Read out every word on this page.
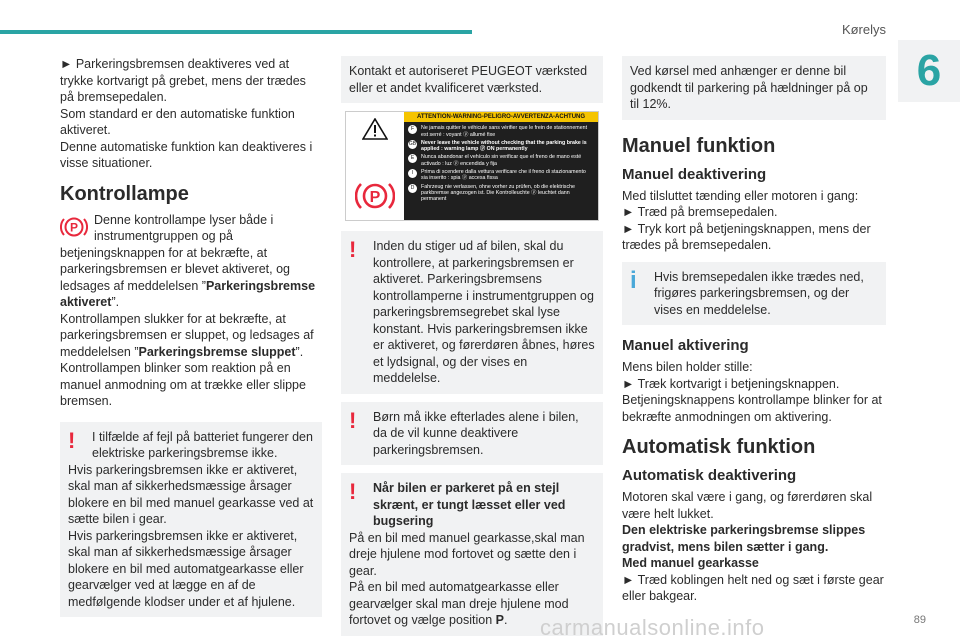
Kørelys
6

► Parkeringsbremsen deaktiveres ved at trykke kortvarigt på grebet, mens der trædes på bremsepedalen.

Som standard er den automatiske funktion aktiveret.

Denne automatiske funktion kan deaktiveres i visse situationer.

Kontrollampe

P
Denne kontrollampe lyser både i instrumentgruppen og på betjeningsknappen for at bekræfte, at parkeringsbremsen er blevet aktiveret, og ledsages af meddelelsen ”Parkeringsbremse aktiveret”.

Kontrollampen slukker for at bekræfte, at parkeringsbremsen er sluppet, og ledsages af meddelelsen ”Parkeringsbremse sluppet”.

Kontrollampen blinker som reaktion på en manuel anmodning om at trække eller slippe bremsen.

!	I tilfælde af fejl på batteriet fungerer den elektriske parkeringsbremse ikke.

Hvis parkeringsbremsen ikke er aktiveret, skal man af sikkerhedsmæssige årsager blokere en bil med manuel gearkasse ved at sætte bilen i gear.

Hvis parkeringsbremsen ikke er aktiveret, skal man af sikkerhedsmæssige årsager blokere en bil med automatgearkasse eller gearvælger ved at lægge en af de medfølgende klodser under et af hjulene.

Kontakt et autoriseret PEUGEOT værksted eller et andet kvalificeret værksted.

P
ATTENTION-WARNING-PELIGRO-AVVERTENZA-ACHTUNG
F	Ne jamais quitter le véhicule sans vérifier que le frein de stationnement est serré : voyant ⓟ allumé fixe
GB Never leave the vehicle without checking that the parking brake is applied : warning lamp ⓟ ON permanently
E	Nunca abandonar el vehículo sin verificar que el freno de mano esté activado : luz ⓟ encendida y fija
I	Prima di scendere dalla vettura verificare che il freno di stazionamento sia inserito : spia ⓟ accesa fissa
D	Fahrzeug nie verlassen, ohne vorher zu prüfen, ob die elektrische parkbremse angezogen ist. Die Kontrolleuchte ⓟ leuchtet dann permanent
!	Inden du stiger ud af bilen, skal du kontrollere, at parkeringsbremsen er aktiveret. Parkeringsbremsens kontrollamperne i instrumentgruppen og parkeringsbremsegrebet skal lyse konstant. Hvis parkeringsbremsen ikke er aktiveret, og førerdøren åbnes, høres et lydsignal, og der vises en meddelelse.

!	Børn må ikke efterlades alene i bilen, da de vil kunne deaktivere parkeringsbremsen.

!	Når bilen er parkeret på en stejl skrænt, er tungt læsset eller ved bugsering

På en bil med manuel gearkasse,skal man dreje hjulene mod fortovet og sætte den i gear.

På en bil med automatgearkasse eller gearvælger skal man dreje hjulene mod fortovet og vælge position P.

Ved kørsel med anhænger er denne bil godkendt til parkering på hældninger på op til 12%.

Manuel funktion
Manuel deaktivering

Med tilsluttet tænding eller motoren i gang:

► Træd på bremsepedalen.

► Tryk kort på betjeningsknappen, mens der trædes på bremsepedalen.

i	Hvis bremsepedalen ikke trædes ned, frigøres parkeringsbremsen, og der vises en meddelelse.

Manuel aktivering

Mens bilen holder stille:

► Træk kortvarigt i betjeningsknappen.

Betjeningsknappens kontrollampe blinker for at bekræfte anmodningen om aktivering.

Automatisk funktion
Automatisk deaktivering

Motoren skal være i gang, og førerdøren skal være helt lukket.

Den elektriske parkeringsbremse slippes gradvist, mens bilen sætter i gang.

Med manuel gearkasse

► Træd koblingen helt ned og sæt i første gear eller bakgear.

carmanualsonline.info	89
